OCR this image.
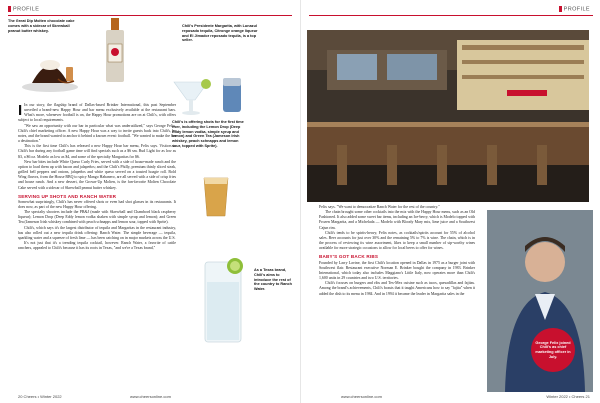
PROFILE
The Great Dip Molten chocolate cake comes with a sidecar of Skrewball peanut butter whiskey.
Chili's Presidente Margarita, with Lunazul reposado tequila, Citronge orange liqueur and El Jimador reposado tequila, is a top seller.
Chili's is offering shots for the first time ever, including the Lemon Drop (Deep Eddy lemon vodka, simple syrup and lemon) and Green Tea (Jameson Irish whiskey, peach schnapps and lemon sour, topped with Sprite).
As a Texas brand, Chili's aims to introduce the rest of the country to Ranch Water.

I In our story, the flagship brand of Dallas-based Brinker International, this past September unveiled a brand-new Happy Hour and bar menu exclusively available at the restaurant bars. What's more, whenever football is on, the Happy Hour promotions are on at Chili's, with offers subject to local requirements.

"We saw an opportunity with our bar in particular what was underutilized," says George Felix, Chili's chief marketing officer. A new Happy Hour was a way to invite guests back into Chili's, he notes, and the brand wanted to anchor it behind a known event: football. "We wanted to make the bar a destination."

This is the first time Chili's has released a new Happy Hour bar menu, Felix says. Visitors to Chili's bar during any football game time will find specials such as a $6 sm. Bud Light for as low as $3, a $6 oz. Modelo as low as $4, and some of the specialty Margaritas for $6.

New bar bites include White Queso Curly Fries, served with a side of house-made ranch and the option to load them up with bacon and jalapeños; and the Chili's Philly, premium thinly sliced steak, grilled bell peppers and onions, jalapeños and white queso served on a toasted hoagie roll. Bold Wing flavors, from the House BBQ to spicy Mango Habanero, are all served with a side of crisp fries and house ranch. And a new dessert, the Grown-Up Molten, is the fan-favorite Molten Chocolate Cake served with a sidecar of Skrewball peanut butter whiskey.

SERVING UP SHOTS AND RANCH WATER

Somewhat surprisingly, Chili's has never offered shots or even had shot glasses in its restaurants. It does now, as part of the new Happy Hour offering.

The specialty shooters include the PB&J (made with Skrewball and Chambord black raspberry liqueur); Lemon Drop (Deep Eddy lemon vodka shaken with simple syrup and lemon); and Green Tea (Jameson Irish whiskey combined with peach schnapps and lemon sour, topped with Sprite).

Chili's, which says it's the largest distributor of tequila and Margaritas in the restaurant industry, has also rolled out a new tequila drink offering: Ranch Water. The simple beverage — tequila, sparkling water and a squeeze of fresh lime — has been catching on in major markets across the U.S.

It's not just that it's a trending tequila cocktail, however. Ranch Water, a favorite of cattle ranchers, appealed to Chili's because it has its roots in Texas, "and we're a Texas brand,"

20 Cheers • Winter 2022	www.cheersonline.com
PROFILE

Felix says. "We want to democratize Ranch Water for the rest of the country."

The chain brought some other cocktails into the mix with the Happy Hour menu, such as an Old Fashioned. It also added some sweet bar items, including an Ice-berry, which is Modelo topped with Frozen Margarita, and a Michelada — Modelo with Bloody Mary mix, lime juice and a Southwest Cajun rim.

Chili's tends to be spirits-heavy, Felix notes, as cocktails/spirits account for 55% of alcohol sales. Beer accounts for just over 30% and the remaining 5% to 7% is wine. The chain, which is in the process of reviewing its wine assortment, likes to keep a small number of sip-worthy wines available for more strategic occasions to allow for local beers to offer for wines.

BABY'S GOT BACK RIBS

Founded by Larry Lavine, the first Chili's location opened in Dallas in 1975 as a burger joint with Southwest flair. Restaurant executive Norman E. Brinker bought the company in 1983. Brinker International, which today also includes Maggiano's Little Italy, now operates more than Chili's 1,600 units in 29 countries and two U.S. territories.

Chili's focuses on burgers and ribs and Tex-Mex cuisine such as tacos, quesadillas and fajitas. Among the brand's achievements, Chili's boasts that it taught Americans how to say "fajita" when it added the dish to its menu in 1984. And in 1994 it became the leader in Margarita sales in the

George Felix joined Chili's as chief marketing officer in July.
www.cheersonline.com	Winter 2022 • Cheers 21
